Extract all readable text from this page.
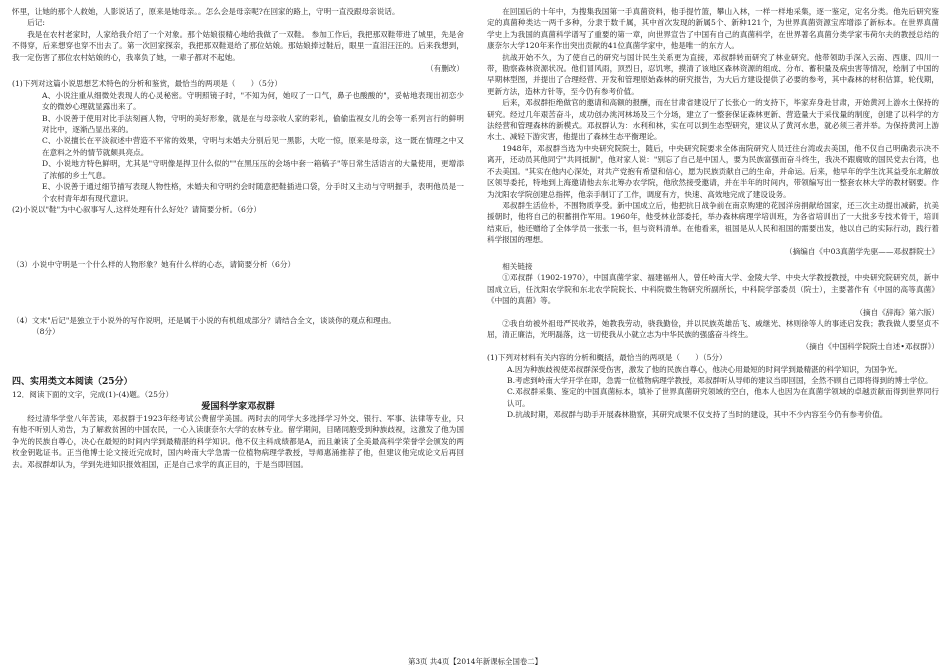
怀里，让她的那个人救她，人影说话了，原来是她母亲。。怎么会是母亲呢?在回家的路上，守明一直没跟母亲说话。

后记:

我是在农村老家时，人家给我介绍了一个对象。那个姑娘很精心地给我做了一双鞋。 参加工作后，我把那双鞋带进了城里，先是舍不得穿，后来想穿也穿不出去了。第一次回家探亲，我把那双鞋退给了那位姑娘。那姑娘捧过鞋后，眼里一直泪汪汪的。后来我想到，我一定伤害了那位农村姑娘的心，我辜负了她，一辈子都对不起她。

（有删改）

(1)下列对这篇小说思想艺术特色的分析和鉴赏，最恰当的两项是（　　）（5分）

A、小说注重从细微处表现人的心灵秘密。守明照镜子时，"不知为何，她叹了一口气，鼻子也酸酸的"，妥帖地表现出初恋少女的微妙心理就显露出来了。

B、小说善于使用对比手法刻画人物，守明的美好形象，就是在与母亲收人家的彩礼，偷偷监视女儿的会等一系列言行的鲜明对比中，逐渐凸显出来的。

C、小说擅长在平淡叙述中营造不平常的效果，守明与未婚夫分别后见一黑影，大吃一惊，原来是母亲，这一既在情理之中又在意料之外的情节就颇具亮点。

D、小说地方特色鲜明，尤其是"守明像是捍卫什么似的""在黑压压的会场中套一箱稿子"等日常生活语言的大量使用，更增添了浓郁的乡土气息。

E、小说善于通过细节描写表现人物性格，未婚夫和守明约会时随意把鞋插进口袋，分手时又主动与守明握手，表明他员是一个农村青年却有现代意识。

(2)小说以"鞋"为中心叙事写人,这样处理有什么好处？请简要分析。（6分）

（3）小说中守明是一个什么样的人物形象？她有什么样的心态，请简要分析（6分）

（4）文末"后记"是独立于小说外的写作说明，还是属于小说的有机组成部分？请结合全文，谈谈你的观点和理由。

（8分）

四、实用类文本阅读（25分）

12．阅读下面的文字，完成(1)-(4)题。（25分）

爱国科学家邓叔群

经过清华学堂八年苦读，邓叔群于1923年经考试公费留学美国。两时去的同学大多选择学习外交、银行、军事、法律等专业，只有他不听别人劝告，为了解救贫困的中国农民，一心入读康奈尔大学的农林专业。留学期间，目睹同胞受到种族歧视，这激发了他为国争光的民族自尊心，决心在最短的时间内学到最精湛的科学知识。他不仅主科成绩都是A，而且兼读了全美最高科学荣誉学会颁发的两枚金钥匙证书。正当他博士论文接近完成时，国内岭南大学急需一位植物病理学教授，导师惠涌推荐了他，但建议他完成论文后再回去。邓叔群却认为，学到先进知识报效祖国，正是自己求学的真正目的，于是当即回国。

在回国后的十年中，为搜集我国第一手真菌资料，他手提竹篮，攀山入林，一样一样地采集，逐一鉴定，定名分类。他先后研究鉴定的真菌种类达一两千多种，分隶于数千属，其中首次发现的新属5个、新种121个，为世界真菌资源宝库增添了新标本。在世界真菌学史上为我国的真菌科学谱写了重要的第一章，向世界宣告了中国有自己的真菌科学，在世界著名真菌分类学家韦荷尔夫的教授总结的康奈尔大学120年来作出突出贡献的41位真菌学家中，他是唯一的东方人。

抗战开始不久，为了使自己的研究与国计民生关系更为直接，邓叔群转而研究了林业研究。他带领助手深入云南、西康、四川一带，勘察森林资源状况。他们冒风雨，顶烈日，忍饥寒，摸清了该地区森林资源的组成、分布、蓄积量及病虫害等情况，绘制了中国的早期林型图，并提出了合理经营、开发和管理原始森林的研究报告，为大后方建设提供了必要的参考，其中森林的材积估算，轮伐期，更新方法，造林方针等，至今仍有参考价值。

后来，邓叔群拒绝做官的邀请和高额的报酬，而在甘肃省建设厅了长张心一的支持下，毕家弃身赴甘肃，开始黄河上游水土保持的研究。经过几年艰苦奋斗，成功创办洮河林场及三个分场，建立了一整套保证森林更新、营造量大于采伐量的制度，创建了以科学的方法经营和管理森林的新模式。邓叔群认为：水利和林，实在可以到生态型研究，建议从了黄河水患，就必须三者并举。为保持黄河上游水土、减轻下游灾害，他提出了森林生态平衡理论。

1948年，邓叔群当选为中央研究院院士，随后，中央研究院要求全体南院研究人员迁往台湾或去美国，他不仅自己明确表示决不离开，还动员其他同宁"共同抵制"，他对家人说："别忘了自己是中国人，要为民族富强而奋斗终生，我决不跟腐败的国民党去台湾，也不去美国。"其实在他内心深处，对共产党抱有希望和信心，愿为民族贡献自己的生命，并命运。后来，他早年的学生沈其益受东北解放区领导委托，特地到上海邀请他去东北筹办农学院，他欣然接受邀请，并在半年的时间内，带领编写出一整套农林大学的教材钢要。作为沈阳农学院创建总指挥，他亲手制订了工作，调度有方，快速、高效地完成了建设设务。

邓叔群生活俭朴，不围物质享受。新中国成立后，他把抗日战争前在南京购建的花园洋房捐献给国家，还三次主动提出减薪，抗美援朝时，他将自己的积蓄捐作军用。1960年，他受林业部委托，举办森林病理学培训班，为各省培训出了一大批多专技术骨干，培训结束后，他还赠给了全体学员一张张一书，但与资料清单。在他看来，祖国是从人民和祖国的需要出发，他以自己的实际行动，践行着科学报国的理想。

（摘编自《中03真菌学先驱——邓叔群院士》

相关链接

①邓叔群（1902-1970），中国真菌学家、福建福州人，曾任岭南大学、金陵大学、中央大学教授教授，中央研究院研究员，新中国成立后，任沈阳农学院和东北农学院院长、中科院微生物研究所副所长，中科院学部委员（院士），主要著作有《中国的高等真菌》《中国的真菌》等。

（摘自《辞海》第六版）

②我自幼被外祖母严民收养，她教我劳动，骁我勤俭，并以民族英雄岳飞、戚继光、林则徐等人的事迹启发我；教我做人要坚贞不屈，清正廉洁，光明磊落，这一切使我从小就立志为中华民族的强盛奋斗终生。

（摘自《中国科学院院士自述•邓叔群》）

(1)下列对材料有关内容的分析和概括，最恰当的两项是（　　）（5分）

A.因为种族歧视使邓叔群深受伤害，激发了他的民族自尊心，他决心用最短的时间学到最精湛的科学知识，为国争光。

B.考虑到岭南大学开学在即，急需一位植物病理学教授，邓叔群听从导师的建议当即回国，全然不顾自己即将得到的博士学位。

C.邓叔群采集、鉴定的中国真菌标本，填补了世界真菌研究领域的空白，他本人也因为在真菌学领域的卓越贡献而得到世界同行认可。

D.抗战时期，邓叔群与助手开展森林勘察，其研究成果不仅支持了当时的建设，其中不少内容至今仍有参考价值。

第3页 共4页【2014年新课标全国卷二】
